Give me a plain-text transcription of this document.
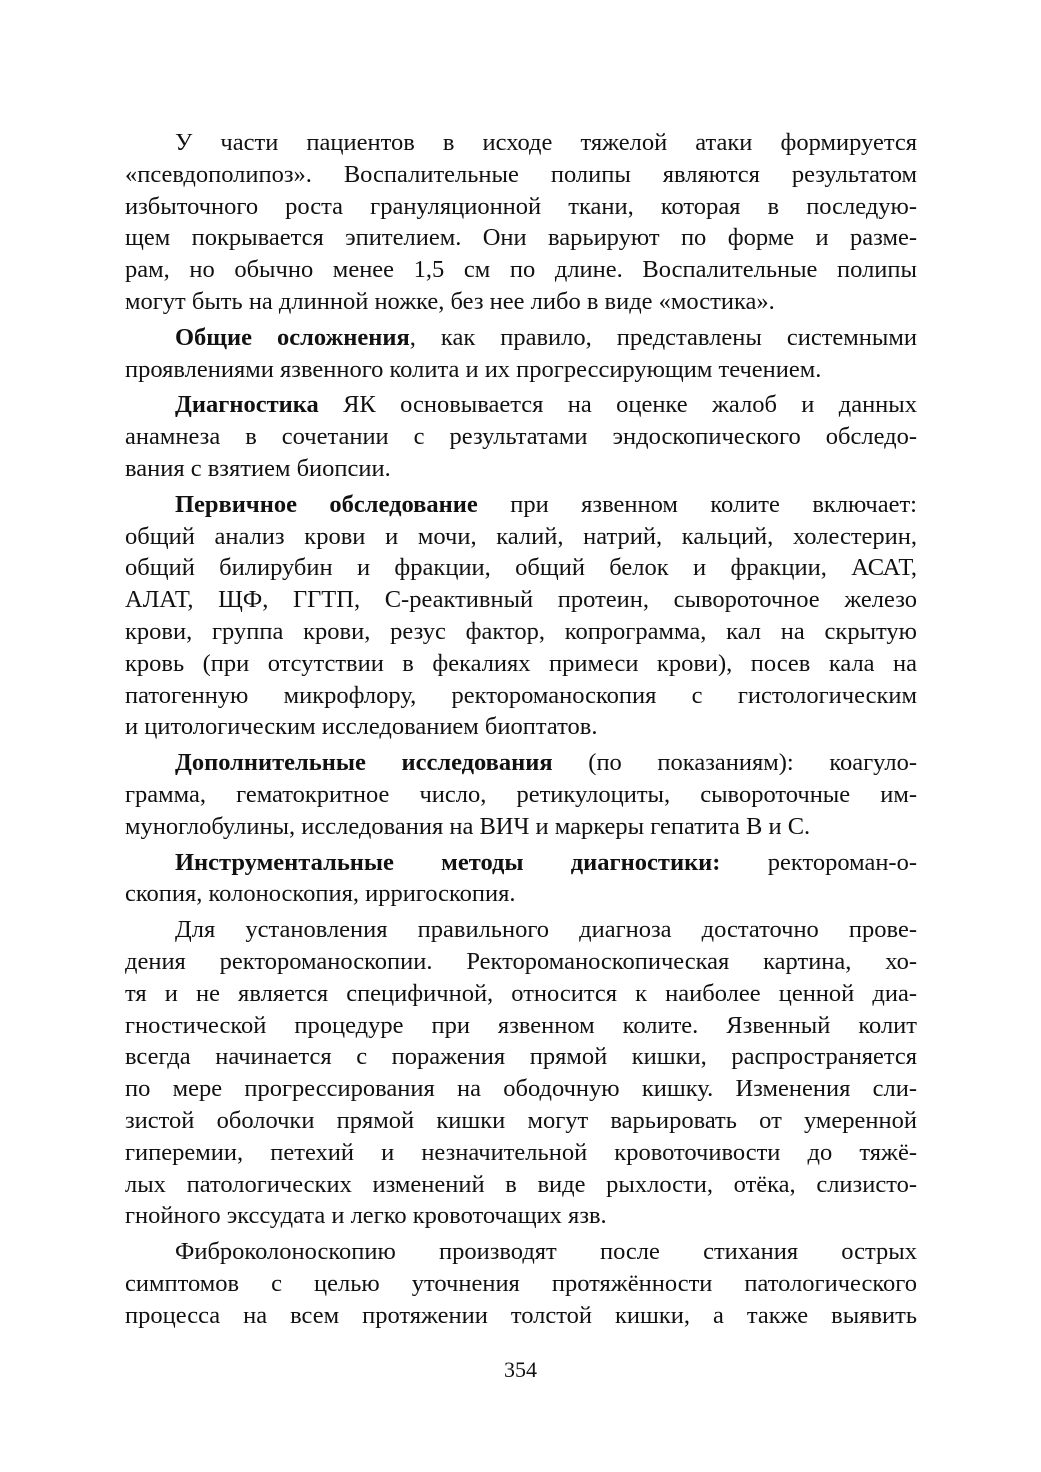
У части пациентов в исходе тяжелой атаки формируется
«псевдополипоз». Воспалительные полипы являются результатом
избыточного роста грануляционной ткани, которая в последую-
щем покрывается эпителием. Они варьируют по форме и разме-
рам, но обычно менее 1,5 см по длине. Воспалительные полипы
могут быть на длинной ножке, без нее либо в виде «мостика».
Общие осложнения, как правило, представлены системными
проявлениями язвенного колита и их прогрессирующим течением.
Диагностика ЯК основывается на оценке жалоб и данных
анамнеза в сочетании с результатами эндоскопического обследо-
вания с взятием биопсии.
Первичное обследование при язвенном колите включает:
общий анализ крови и мочи, калий, натрий, кальций, холестерин,
общий билирубин и фракции, общий белок и фракции, АСАТ,
АЛАТ, ЩФ, ГГТП, С-реактивный протеин, сывороточное железо
крови, группа крови, резус фактор, копрограмма, кал на скрытую
кровь (при отсутствии в фекалиях примеси крови), посев кала на
патогенную микрофлору, ректороманоскопия с гистологическим
и цитологическим исследованием биоптатов.
Дополнительные исследования (по показаниям): коагуло-
грамма, гематокритное число, ретикулоциты, сывороточные им-
муноглобулины, исследования на ВИЧ и маркеры гепатита В и С.
Инструментальные методы диагностики: ректороман-о-
скопия, колоноскопия, ирригоскопия.
Для установления правильного диагноза достаточно прове-
дения ректороманоскопии. Ректороманоскопическая картина, хо-
тя и не является специфичной, относится к наиболее ценной диа-
гностической процедуре при язвенном колите. Язвенный колит
всегда начинается с поражения прямой кишки, распространяется
по мере прогрессирования на ободочную кишку. Изменения сли-
зистой оболочки прямой кишки могут варьировать от умеренной
гиперемии, петехий и незначительной кровоточивости до тяжё-
лых патологических изменений в виде рыхлости, отёка, слизисто-
гнойного экссудата и легко кровоточащих язв.
Фиброколоноскопию производят после стихания острых
симптомов с целью уточнения протяжённости патологического
процесса на всем протяжении толстой кишки, а также выявить
354
